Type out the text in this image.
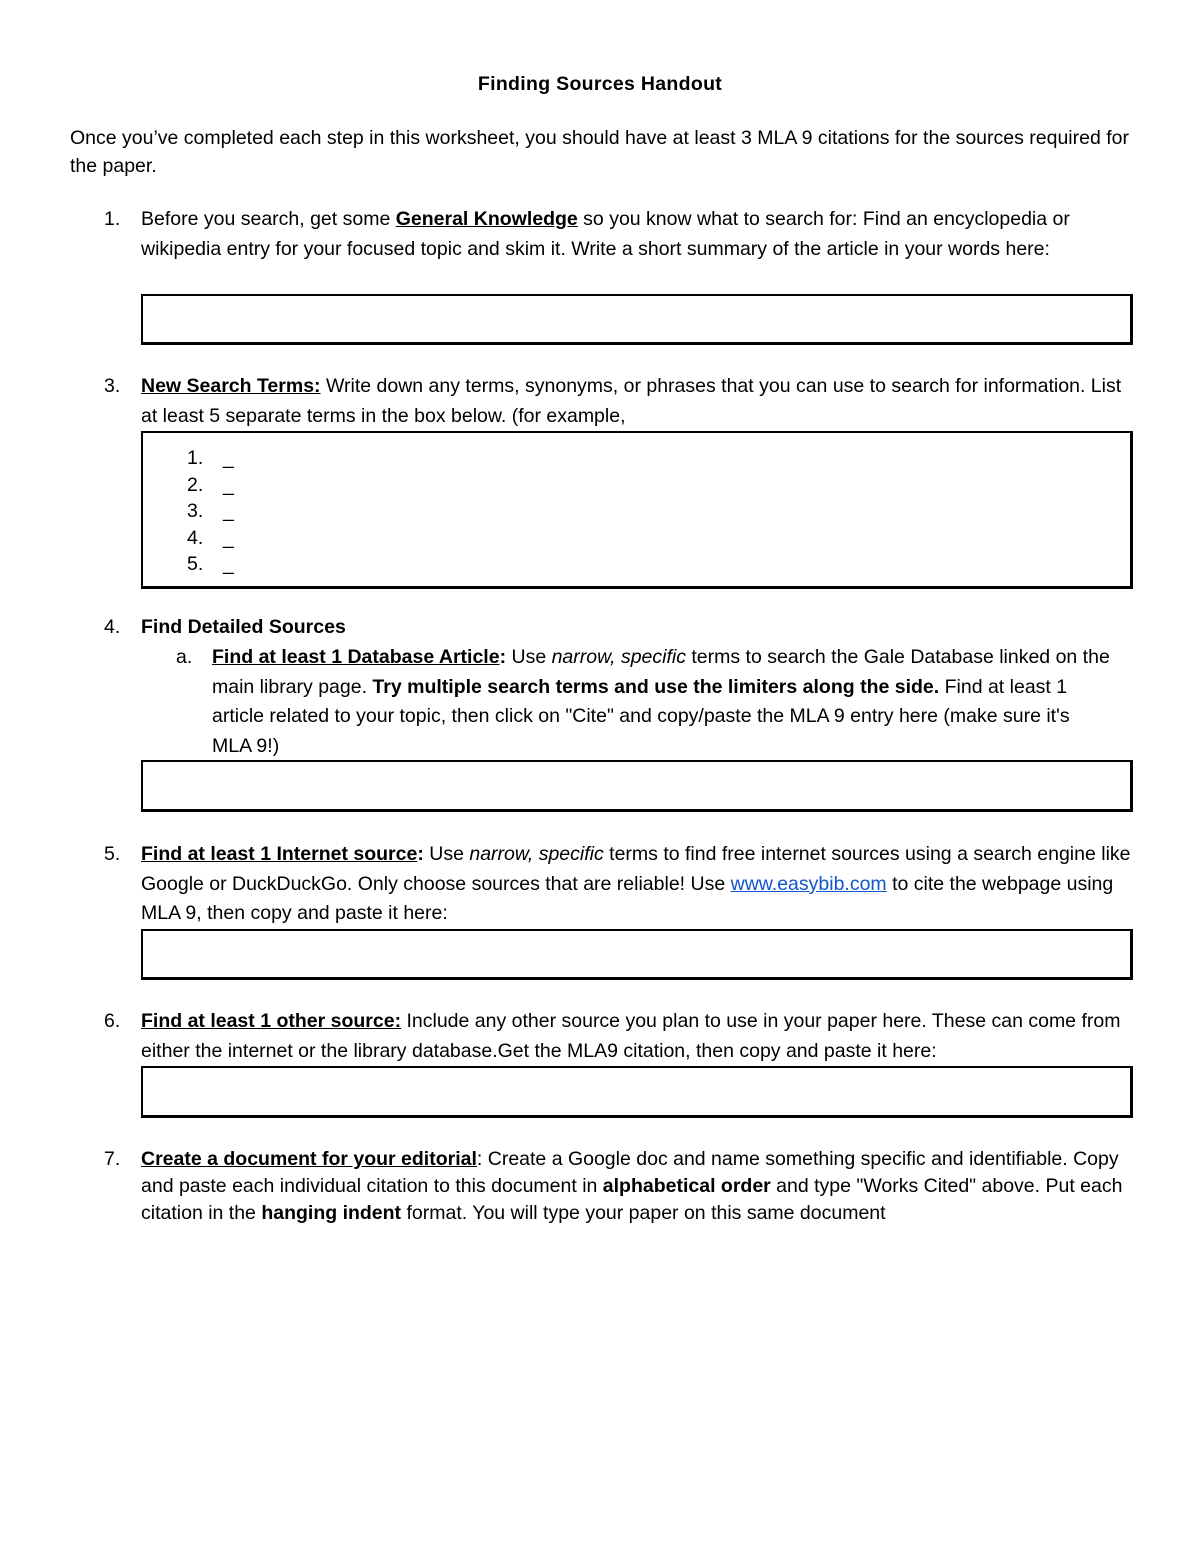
Finding Sources Handout
Once you’ve completed each step in this worksheet, you should have at least 3 MLA 9 citations for the sources required for the paper.
1. Before you search, get some General Knowledge so you know what to search for: Find an encyclopedia or wikipedia entry for your focused topic and skim it. Write a short summary of the article in your words here:
3. New Search Terms: Write down any terms, synonyms, or phrases that you can use to search for information. List at least 5 separate terms in the box below. (for example,
1. _
2. _
3. _
4. _
5. _
4. Find Detailed Sources
a. Find at least 1 Database Article: Use narrow, specific terms to search the Gale Database linked on the main library page. Try multiple search terms and use the limiters along the side. Find at least 1 article related to your topic, then click on "Cite" and copy/paste the MLA 9 entry here (make sure it's MLA 9!)
5. Find at least 1 Internet source: Use narrow, specific terms to find free internet sources using a search engine like Google or DuckDuckGo. Only choose sources that are reliable! Use www.easybib.com to cite the webpage using MLA 9, then copy and paste it here:
6. Find at least 1 other source: Include any other source you plan to use in your paper here. These can come from either the internet or the library database.Get the MLA9 citation, then copy and paste it here:
7. Create a document for your editorial: Create a Google doc and name something specific and identifiable. Copy and paste each individual citation to this document in alphabetical order and type "Works Cited" above. Put each citation in the hanging indent format. You will type your paper on this same document
